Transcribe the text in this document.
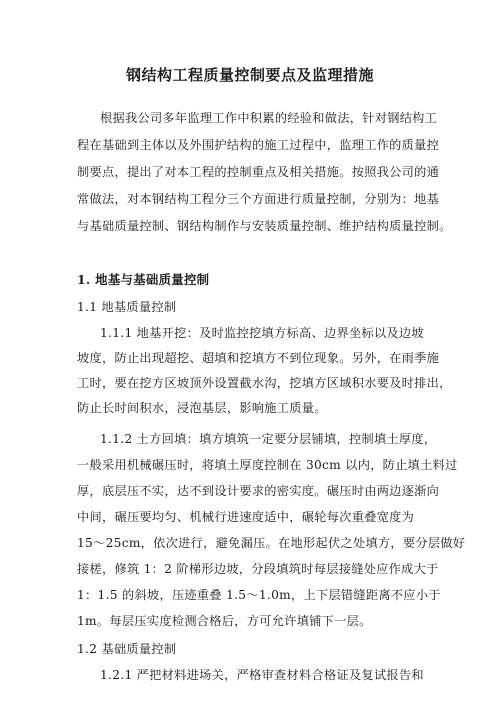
钢结构工程质量控制要点及监理措施
根据我公司多年监理工作中积累的经验和做法，针对钢结构工
程在基础到主体以及外围护结构的施工过程中，监理工作的质量控
制要点，提出了对本工程的控制重点及相关措施。按照我公司的通
常做法，对本钢结构工程分三个方面进行质量控制，分别为：地基
与基础质量控制、钢结构制作与安装质量控制、维护结构质量控制。
1. 地基与基础质量控制
1.1 地基质量控制
1.1.1 地基开挖：及时监控挖填方标高、边界坐标以及边坡
坡度，防止出现超挖、超填和挖填方不到位现象。另外，在雨季施
工时，要在挖方区坡顶外设置截水沟，挖填方区域积水要及时排出，
防止长时间积水，浸泡基层，影响施工质量。
1.1.2 土方回填：填方填筑一定要分层铺填，控制填土厚度，
一般采用机械碾压时，将填土厚度控制在 30cm 以内，防止填土料过
厚，底层压不实，达不到设计要求的密实度。碾压时由两边逐渐向
中间，碾压要均匀、机械行进速度适中，碾轮每次重叠宽度为
15～25cm，依次进行，避免漏压。在地形起伏之处填方，要分层做好
接槎，修筑 1：2 阶梯形边坡，分段填筑时每层接缝处应作成大于
1：1.5 的斜坡，压迹重叠 1.5～1.0m，上下层错缝距离不应小于
1m。每层压实度检测合格后，方可允许填铺下一层。
1.2 基础质量控制
1.2.1 严把材料进场关，严格审查材料合格证及复试报告和
